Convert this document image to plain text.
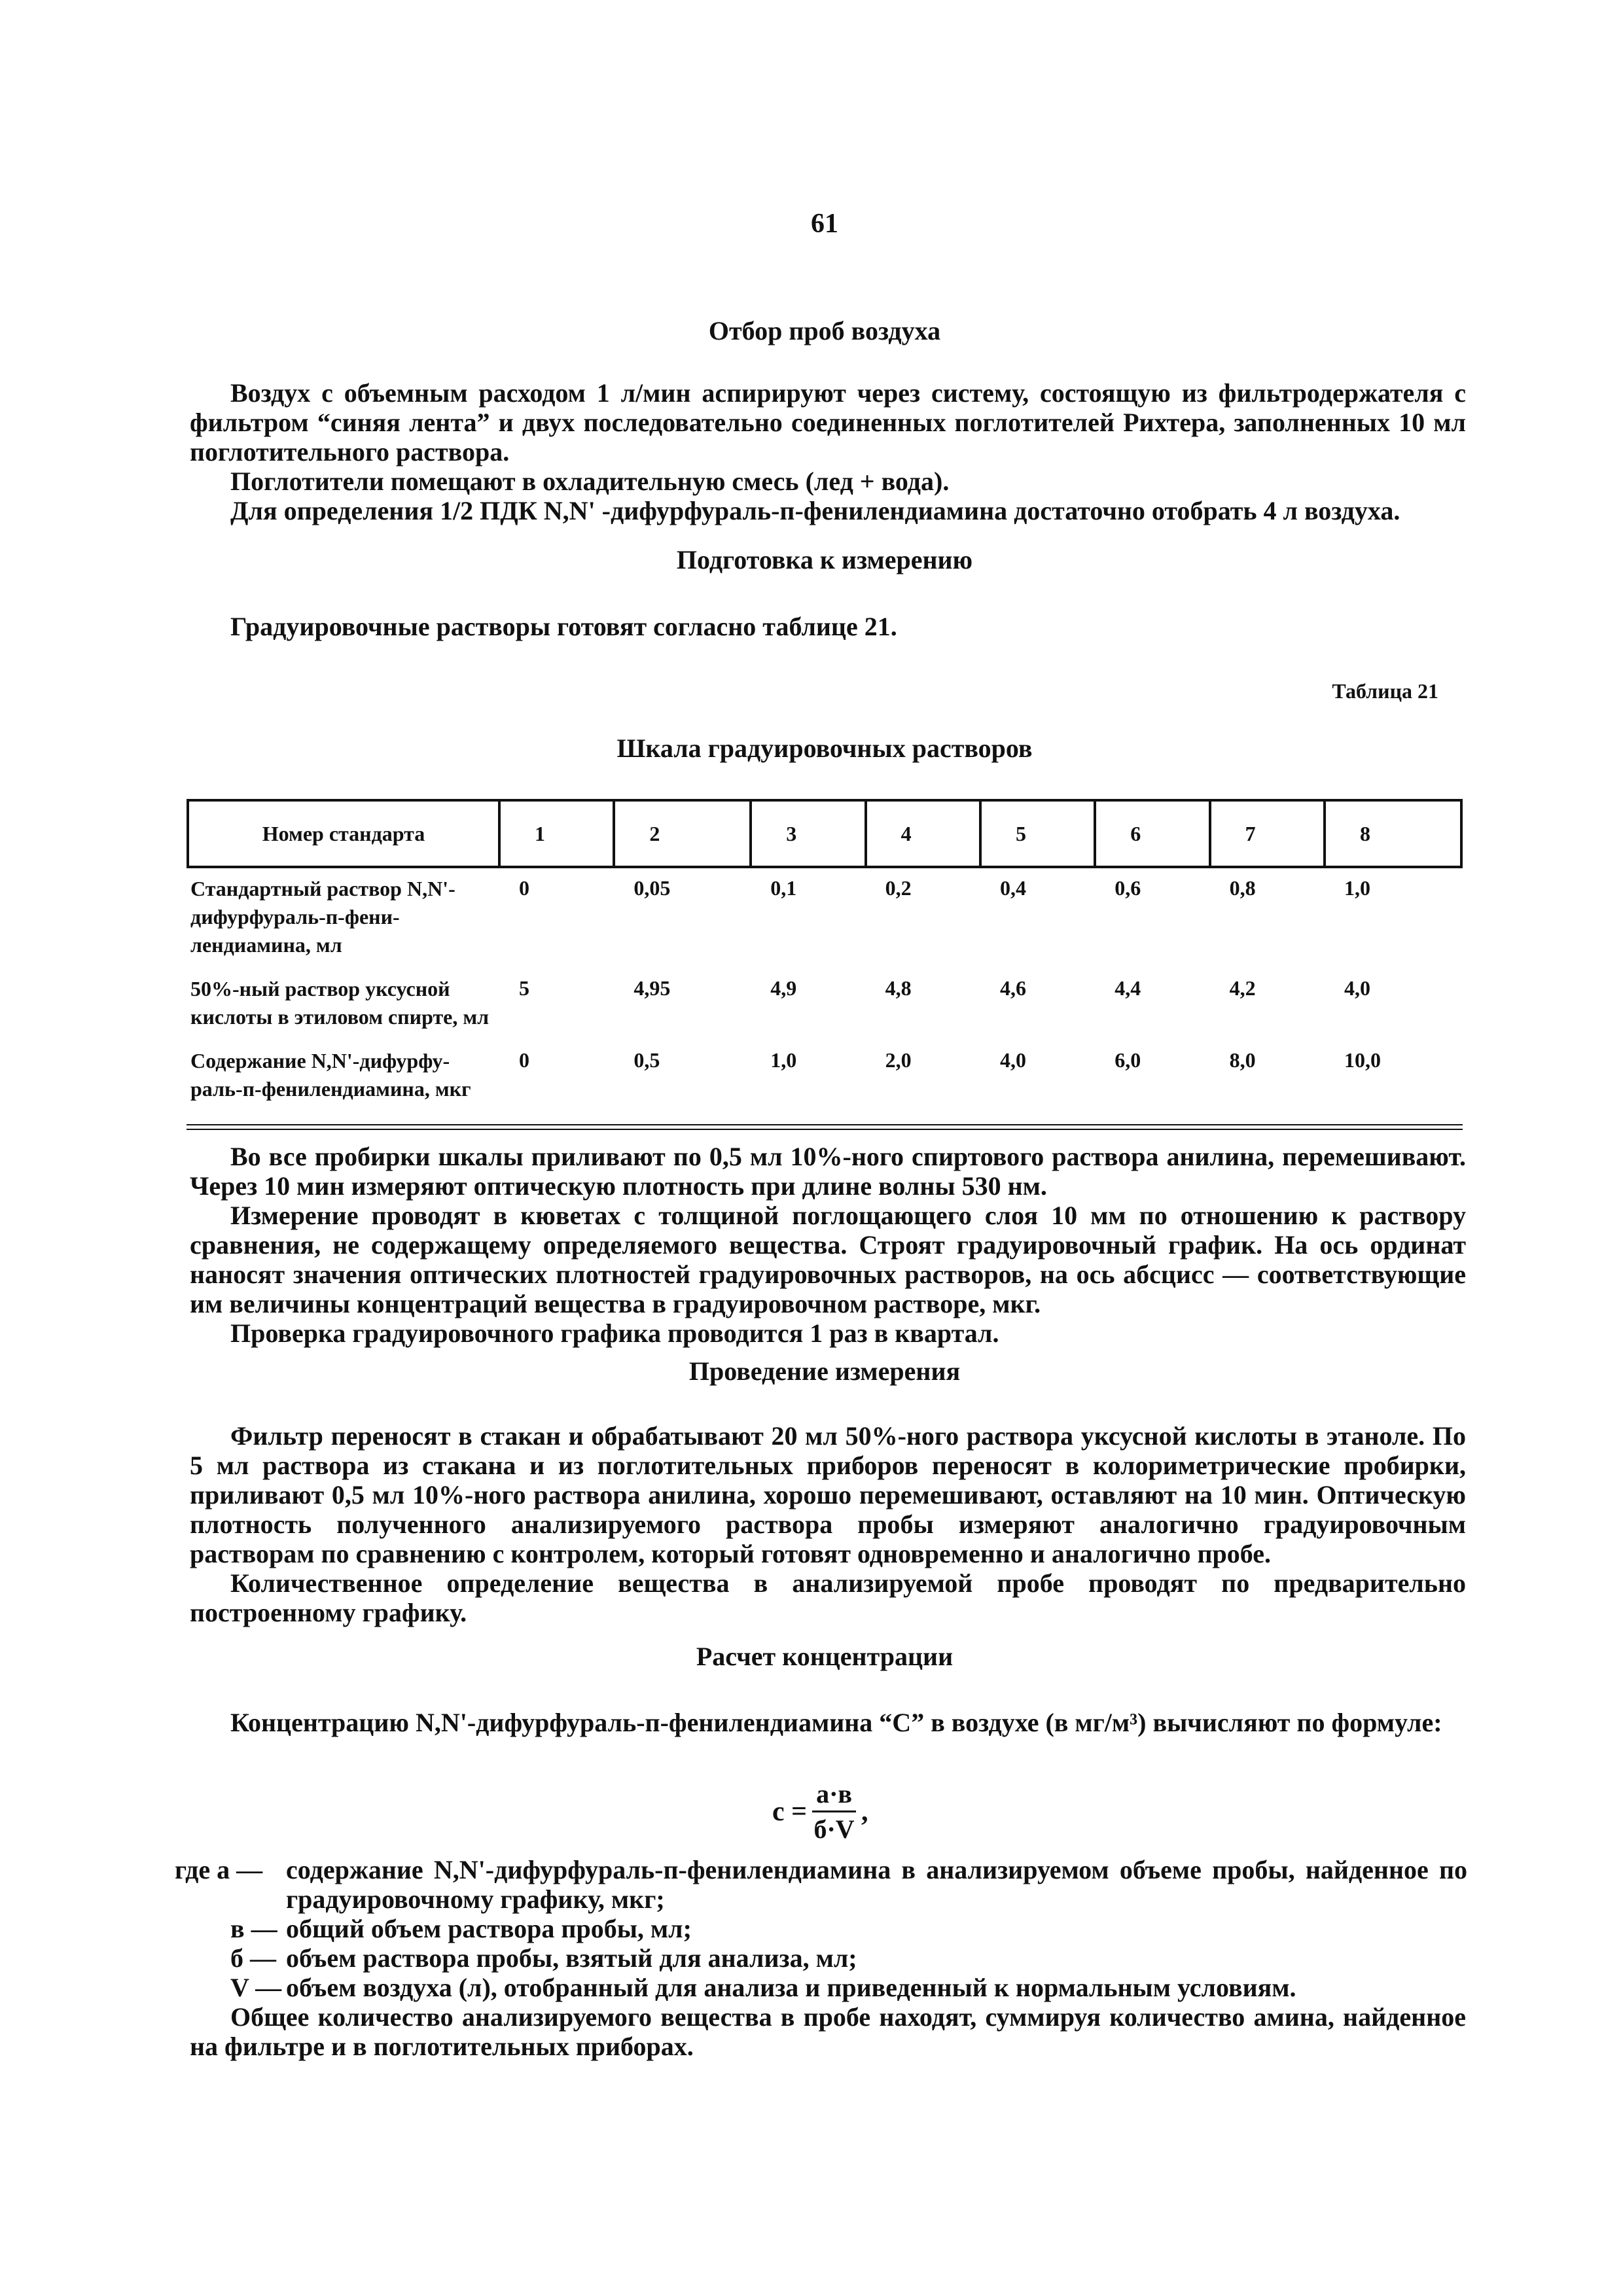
61
Отбор проб воздуха

Воздух с объемным расходом 1 л/мин аспирируют через систему, состоящую из фильтродержателя с фильтром “синяя лента” и двух последовательно соединенных поглотителей Рихтера, заполненных 10 мл поглотительного раствора.

Поглотители помещают в охладительную смесь (лед + вода).

Для определения 1/2 ПДК N,N' -дифурфураль-п-фенилендиамина достаточно отобрать 4 л воздуха.

Подготовка к измерению

Градуировочные растворы готовят согласно таблице 21.

Таблица 21
Шкала градуировочных растворов
Номер стандарта	1	2	3	4	5	6	7	8
Стандартный раствор N,N'-дифурфураль-п-фени-лендиамина, мл	0	0,05	0,1	0,2	0,4	0,6	0,8	1,0
50%-ный раствор уксусной кислоты в этиловом спирте, мл	5	4,95	4,9	4,8	4,6	4,4	4,2	4,0
Содержание N,N'-дифурфу-раль-п-фенилендиамина, мкг	0	0,5	1,0	2,0	4,0	6,0	8,0	10,0

Во все пробирки шкалы приливают по 0,5 мл 10%-ного спиртового раствора анилина, перемешивают. Через 10 мин измеряют оптическую плотность при длине волны 530 нм.

Измерение проводят в кюветах с толщиной поглощающего слоя 10 мм по отношению к раствору сравнения, не содержащему определяемого вещества. Строят градуировочный график. На ось ординат наносят значения оптических плотностей градуировочных растворов, на ось абсцисс — соответствующие им величины концентраций вещества в градуировочном растворе, мкг.

Проверка градуировочного графика проводится 1 раз в квартал.

Проведение измерения

Фильтр переносят в стакан и обрабатывают 20 мл 50%-ного раствора уксусной кислоты в этаноле. По 5 мл раствора из стакана и из поглотительных приборов переносят в колориметрические пробирки, приливают 0,5 мл 10%-ного раствора анилина, хорошо перемешивают, оставляют на 10 мин. Оптическую плотность полученного анализируемого раствора пробы измеряют аналогично градуировочным растворам по сравнению с контролем, который готовят одновременно и аналогично пробе.

Количественное определение вещества в анализируемой пробе проводят по предварительно построенному графику.

Расчет концентрации

Концентрацию N,N'-дифурфураль-п-фенилендиамина “С” в воздухе (в мг/м³) вычисляют по формуле:

$с = \frac{а\cdot в}{б\cdot V}$ ,
где а — содержание N,N'-дифурфураль-п-фенилендиамина в анализируемом объеме пробы, найденное по градуировочному графику, мкг;
в — общий объем раствора пробы, мл;
б — объем раствора пробы, взятый для анализа, мл;
V — объем воздуха (л), отобранный для анализа и приведенный к нормальным условиям.

Общее количество анализируемого вещества в пробе находят, суммируя количество амина, найденное на фильтре и в поглотительных приборах.
